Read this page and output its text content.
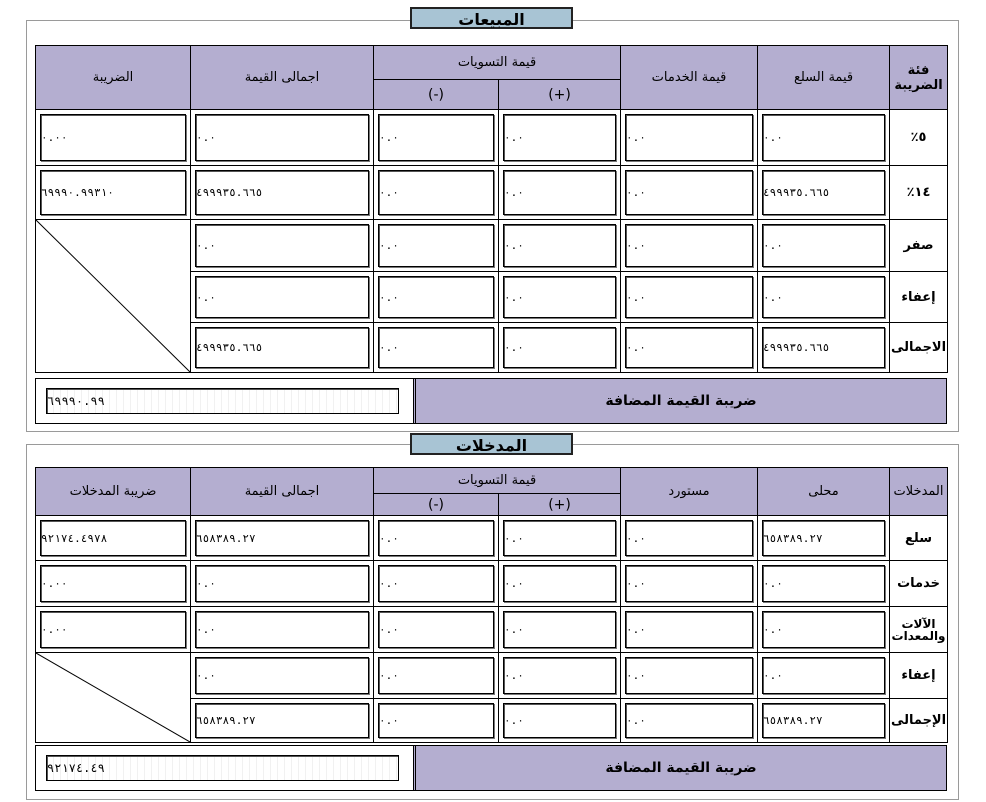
المبيعات
فئة الضريبة	قيمة السلع	قيمة الخدمات	قيمة التسويات		اجمالى القيمة	الضريبة
			(+)	(-)		
٥٪	٠.٠	٠.٠	٠.٠	٠.٠	٠.٠	٠.٠٠

١٤٪	٤٩٩٩٣٥.٦٦٥	٠.٠	٠.٠	٠.٠	٤٩٩٩٣٥.٦٦٥	٦٩٩٩٠.٩٩٣١٠

صفر	٠.٠	٠.٠	٠.٠	٠.٠	٠.٠

إعفاء	٠.٠	٠.٠	٠.٠	٠.٠	٠.٠	

الاجمالى	٤٩٩٩٣٥.٦٦٥	٠.٠	٠.٠	٠.٠	٤٩٩٩٣٥.٦٦٥	
ضريبة القيمة المضافة
٦٩٩٩٠.٩٩
المدخلات
المدخلات	محلى	مستورد	قيمة التسويات		اجمالى القيمة	ضريبة المدخلات
			(+)	(-)		
سلع	٦٥٨٣٨٩.٢٧	٠.٠	٠.٠	٠.٠	٦٥٨٣٨٩.٢٧	٩٢١٧٤.٤٩٧٨

خدمات	٠.٠	٠.٠	٠.٠	٠.٠	٠.٠	٠.٠٠

الآلات والمعدات	٠.٠	٠.٠	٠.٠	٠.٠	٠.٠	٠.٠٠

إعفاء	٠.٠	٠.٠	٠.٠	٠.٠	٠.٠

الإجمالى	٦٥٨٣٨٩.٢٧	٠.٠	٠.٠	٠.٠	٦٥٨٣٨٩.٢٧	
ضريبة القيمة المضافة
٩٢١٧٤.٤٩
